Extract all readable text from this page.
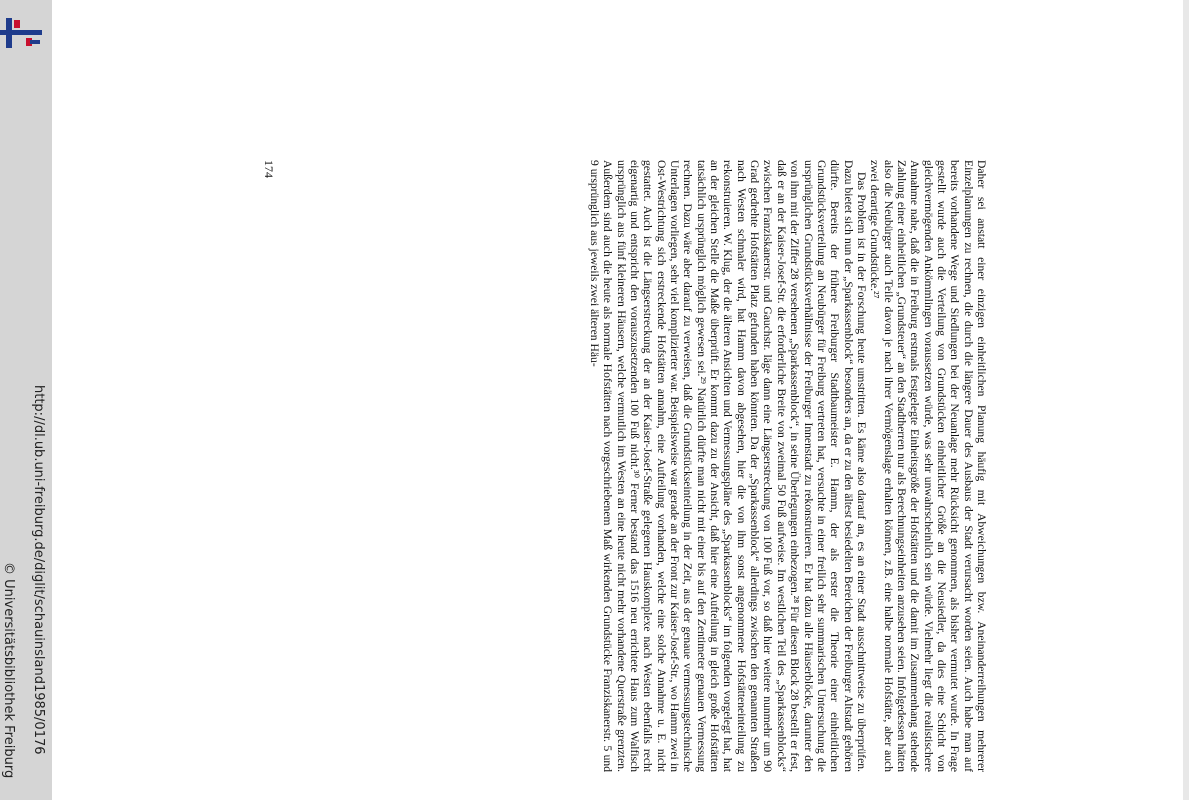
http://dl.ub.uni-freiburg.de/diglit/schauinsland1985/0176
© Universitätsbibliothek Freiburg	Daher sei anstatt einer einzigen einheitlichen Planung häufig mit Abweichungen bzw. Aneinanderreihungen mehrerer Einzelplanungen zu rechnen, die durch die längere Dauer des Ausbaus der Stadt verursacht worden seien. Auch habe man auf bereits vorhandene Wege und Siedlungen bei der Neuanlage mehr Rücksicht genommen, als bisher vermutet wurde. In Frage gestellt wurde auch die Verteilung von Grundstücken einheitlicher Größe an die Neusiedler, da dies eine Schicht von gleichvermögenden Ankömmlingen voraussetzen würde, was sehr unwahrscheinlich sein würde. Vielmehr liegt die realistischere Annahme nahe, daß die in Freiburg erstmals festgelegte Einheitsgröße der Hofstätten und die damit im Zusammenhang stehende Zahlung einer einheitlichen „Grundsteuer“ an den Stadtherren nur als Berechnungseinheiten anzusehen seien. Infolgedessen hätten also die Neubürger auch Teile davon je nach ihrer Vermögenslage erhalten können, z.B. eine halbe normale Hofstätte, aber auch zwei derartige Grundstücke.²⁷

Das Problem ist in der Forschung heute umstritten. Es käme also darauf an, es an einer Stadt ausschnittweise zu überprüfen. Dazu bietet sich nun der „Sparkassenblock“ besonders an, da er zu den ältest besiedelten Bereichen der Freiburger Altstadt gehören dürfte. Bereits der frühere Freiburger Stadtbaumeister E. Hamm, der als erster die Theorie einer einheitlichen Grundstücksverteilung an Neubürger für Freiburg vertreten hat, versuchte in einer freilich sehr summarischen Untersuchung die ursprünglichen Grundstücksverhältnisse der Freiburger Innenstadt zu rekonstruieren. Er hat dazu alle Häuserblöcke, darunter den von ihm mit der Ziffer 28 versehenen „Sparkassenblock“, in seine Überlegungen einbezogen.²⁸ Für diesen Block 28 bestellt er fest, daß er an der Kaiser-Josef-Str. die erforderliche Breite von zweimal 50 Fuß aufweise. Im westlichen Teil des „Sparkassenblocks“ zwischen Franziskanerstr. und Gauchstr. läge dann eine Längserstreckung von 100 Fuß vor, so daß hier weitere nunmehr um 90 Grad gedrehte Hofstätten Platz gefunden haben könnten. Da der „Sparkassenblock“ allerdings zwischen den genannten Straßen nach Westen schmaler wird, hat Hamm davon abgesehen, hier die von ihm sonst angenommene Hofstätteneinteilung zu rekonstruieren. W. Klug, der die älteren Ansichten und Vermessungspläne des „Sparkassenblocks“ im folgenden vorgelegt hat, hat an der gleichen Stelle die Maße überprüft. Er kommt dazu zu der Ansicht, daß hier eine Aufteilung in gleich große Hofstätten tatsächlich ursprünglich möglich gewesen sei.²⁹ Natürlich dürfte man nicht mit einer bis auf den Zentimeter genauen Vermessung rechnen. Dazu wäre aber darauf zu verweisen, daß die Grundstückseinteilung in der Zeit, aus der genaue vermessungstechnische Unterlagen vorliegen, sehr viel komplizierter war. Beispielsweise war gerade an der Front zur Kaiser-Josef-Str., wo Hamm zwei in Ost-Westrichtung sich erstreckende Hofstätten annahm, eine Aufteilung vorhanden, welche eine solche Annahme u. E. nicht gestattet. Auch ist die Längserstreckung der an der Kaiser-Josef-Straße gelegenen Hauskomplexe nach Westen ebenfalls recht eigenartig und entspricht den vorauszusetzenden 100 Fuß nicht.³⁰ Ferner bestand das 1516 neu errichtete Haus zum Walfisch ursprünglich aus fünf kleineren Häusern, welche vermutlich im Westen an eine heute nicht mehr vorhandene Querstraße grenzten. Außerdem sind auch die heute als normale Hofstätten nach vorgeschriebenem Maß wirkenden Grundstücke Franziskanerstr. 5 und 9 ursprünglich aus jeweils zwei älteren Häu-

174
